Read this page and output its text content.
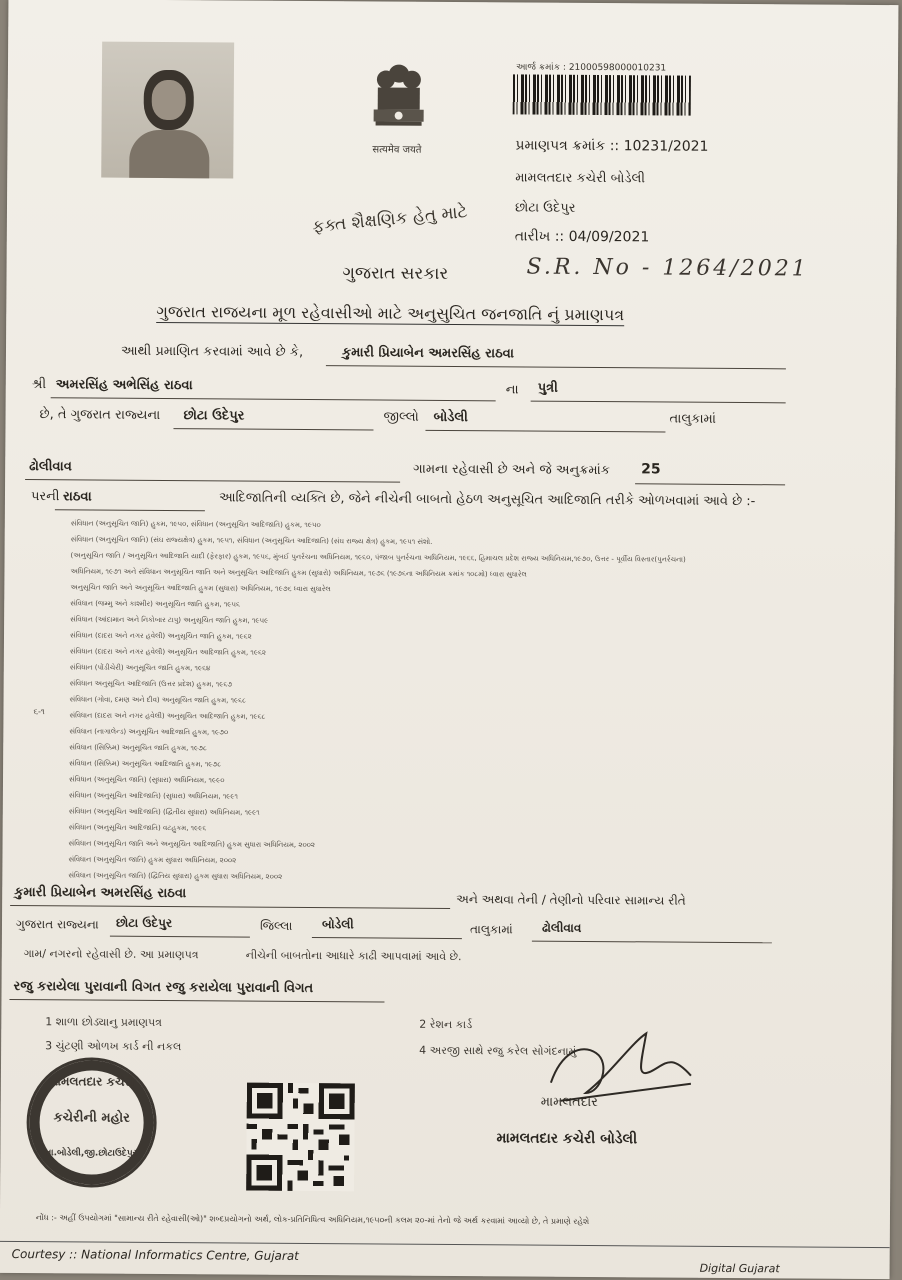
सत्यमेव जयते
આર્જ ક્રમાંક : 21000598000010231
પ્રમાણપત્ર ક્રમાંક :: 10231/2021
મામલતદાર કચેરી બોડેલી
છોટા ઉદેપુર
તારીખ :: 04/09/2021
ફક્ત શૈક્ષણિક હેતુ માટે
S.R. No - 1264/2021
ગુજરાત સરકાર
ગુજરાત રાજયના મૂળ રહેવાસીઓ માટે અનુસુચિત જનજાતિ નું પ્રમાણપત્ર
આથી પ્રમાણિત કરવામાં આવે છે કે,	કુમારી પ્રિયાબેન અમરસિંહ રાઠવા
શ્રી અમરસિંહ અભેસિંહ રાઠવા	ના પુત્રી
છે, તે ગુજરાત રાજ્યના છોટા ઉદેપુર	જીલ્લો બોડેલી	તાલુકામાં
ઢોલીવાવ	ગામના રહેવાસી છે અને જે અનુક્રમાંક 25
પરની રાઠવા	આદિજાતિની વ્યક્તિ છે, જેને નીચેની બાબતો હેઠળ અનુસૂચિત આદિજાતિ તરીકે ઓળખવામાં આવે છે :-
સંવિધાન (અનુસૂચિત જાતિ) હુકમ, ૧૯૫૦, સંવિધાન (અનુસૂચિત આદિજાતિ) હુકમ, ૧૯૫૦
સંવિધાન (અનુસૂચિત જાતિ) (સંઘ રાજ્યક્ષેત્ર) હુકમ, ૧૯૫૧, સંવિધાન (અનુસૂચિત આદિજાતિ) (સંઘ રાજ્ય ક્ષેત્ર) હુકમ, ૧૯૫૧ સંશો.
(અનુસૂચિત જાતિ / અનુસૂચિત આદિજાતિ યાદી (ફેરફાર) હુકમ, ૧૯૫૬, મુંબઈ પુનર્રચના અધિનિયમ, ૧૯૬૦, પંજાબ પુનર્રચના અધિનિયમ, ૧૯૬૬, હિમાચલ પ્રદેશ રાજ્ય અધિનિયમ,૧૯૭૦, ઉત્તર - પૂર્વીય વિસ્તાર(પુનર્રચના)
અધિનિયમ, ૧૯૭૧ અને સંવિધાન અનુસૂચિત જાતિ અને અનુસૂચિત આદિજાતિ હુકમ (સુધારો) અધિનિયમ, ૧૯૭૬ (૧૯૭૬ના અધિનિયમ ક્રમાંક ૧૦૮મો) ધ્વારા સુધારેલ
અનુસૂચિત જાતિ અને અનુસૂચિત આદિજાતિ હુકમ (સુધારા) અધિનિયમ, ૧૯૭૬ ધ્વારા સુધારેલ
સંવિધાન (જમ્મુ અને કાશ્મીર) અનુસૂચિત જાતિ હુકમ, ૧૯૫૬
સંવિધાન (આંદામાન અને નિકોબાર ટાપુ) અનુસૂચિત જાતિ હુકમ, ૧૯૫૯
સંવિધાન (દાદરા અને નગર હવેલી) અનુસૂચિત જાતિ હુકમ, ૧૯૬૨
સંવિધાન (દાદરા અને નગર હવેલી) અનુસૂચિત આદિજાતિ હુકમ, ૧૯૬૨
સંવિધાન (પોંડીચેરી) અનુસૂચિત જાતિ હુકમ, ૧૯૬૪
સંવિધાન અનુસૂચિત આદિજાતિ (ઉત્તર પ્રદેશ) હુકમ, ૧૯૬૭
સંવિધાન (ગોવા, દમણ અને દીવ) અનુસૂચિત જાતિ હુકમ, ૧૯૬૮
સંવિધાન (દાદરા અને નગર હવેલી) અનુસૂચિત આદિજાતિ હુકમ, ૧૯૬૮
સંવિધાન (નાગાલેન્ડ) અનુસૂચિત આદિજાતિ હુકમ, ૧૯૭૦
સંવિધાન (સિક્કિમ) અનુસૂચિત જાતિ હુકમ, ૧૯૭૮
સંવિધાન (સિક્કિમ) અનુસૂચિત આદિજાતિ હુકમ, ૧૯૭૮
સંવિધાન (અનુસૂચિત જાતિ) (સુધારા) અધિનિયમ, ૧૯૯૦
સંવિધાન (અનુસૂચિત આદિજાતિ) (સુધારા) અધિનિયમ, ૧૯૯૧
સંવિધાન (અનુસૂચિત આદિજાતિ) (દ્વિતીય સુધારા) અધિનિયમ, ૧૯૯૧
સંવિધાન (અનુસૂચિત આદિજાતિ) વટહુકમ, ૧૯૯૬
સંવિધાન (અનુસૂચિત જાતિ અને અનુસૂચિત આદિજાતિ) હુકમ સુધારા અધિનિયમ, ૨૦૦૨
સંવિધાન (અનુસૂચિત જાતિ) હુકમ સુધારા અધિનિયમ, ૨૦૦૨
સંવિધાન (અનુસૂચિત જાતિ) (દ્વિતિય સુધારા) હુકમ સુધારા અધિનિયમ, ૨૦૦૨
૬-૧
કુમારી પ્રિયાબેન અમરસિંહ રાઠવા	અને અથવા તેની / તેણીનો પરિવાર સામાન્ય રીતે
ગુજરાત રાજ્યના છોટા ઉદેપુર	જિલ્લા બોડેલી	તાલુકામાં ઢોલીવાવ
ગામ/ નગરનો રહેવાસી છે. આ પ્રમાણપત્ર	નીચેની બાબતોના આધારે કાઢી આપવામાં આવે છે.
રજુ કરાયેલા પુરાવાની વિગત રજુ કરાયેલા પુરાવાની વિગત
1 શાળા છોડ્યાનુ પ્રમાણપત્ર	2 રેશન કાર્ડ
3 ચુંટણી ઓળખ કાર્ડ ની નકલ	4 અરજી સાથે રજુ કરેલ સોગંદનામું
મામલતદાર કચેરી
કચેરીની મહોર
તા.બોડેલી,જી.છોટાઉદેપુર
મામલતદાર
મામલતદાર કચેરી બોડેલી
નોંધ :- અહીં ઉપયોગમાં "સામાન્ય રીતે રહેવાસી(ઓ)" શબ્દપ્રયોગનો અર્થ, લોક-પ્રતિનિધિત્વ અધિનિયમ,૧૯૫૦ની કલમ ૨૦-માં તેનો જે અર્થ કરવામાં આવ્યો છે, તે પ્રમાણે રહેશે
Courtesy :: National Informatics Centre, Gujarat
Digital Gujarat
